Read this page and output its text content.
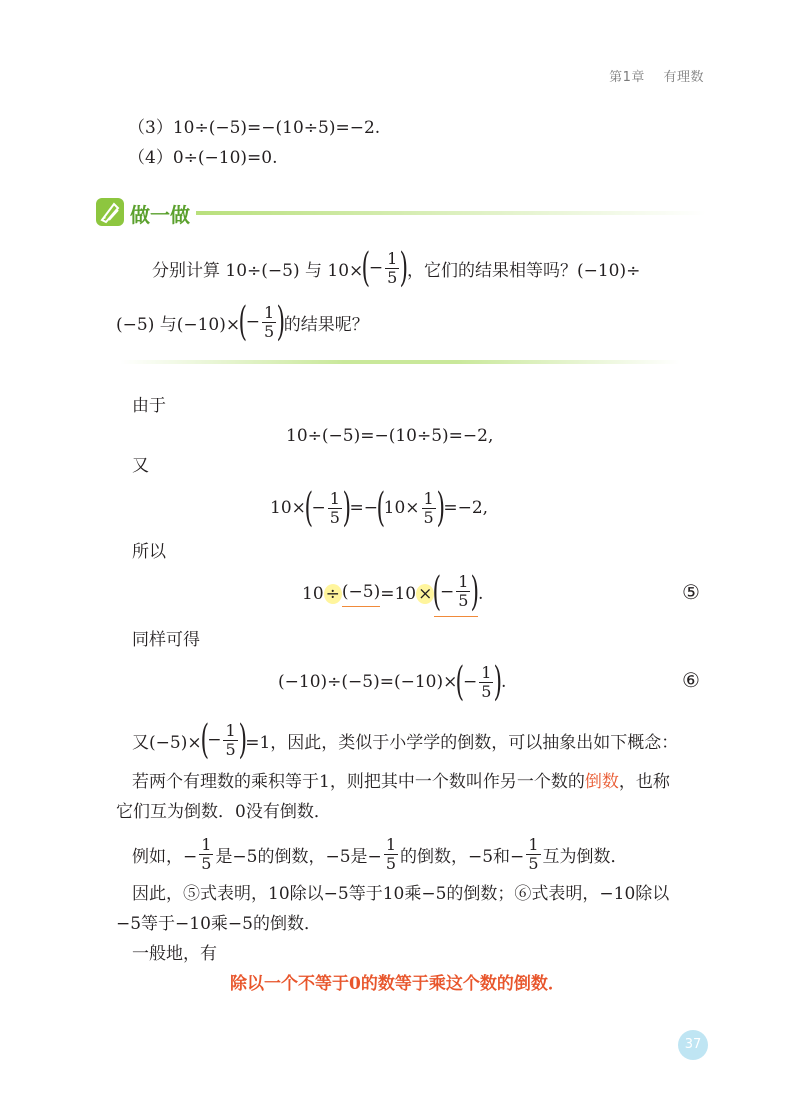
第1章 有理数
（3）10÷(−5)=−(10÷5)=−2.
（4）0÷(−10)=0.
做一做
分别计算 10÷(−5) 与 10×
(
− $\frac{1}{5}$ )
，它们的结果相等吗？(−10)÷
(−5) 与(−10)×
(
− $\frac{1}{5}$ )
的结果呢？
由于
10÷(−5)=−(10÷5)=−2,
又
10×
(
− $\frac{1}{5}$ )
=−
(
$10\times \frac{1}{5}$ )
=−2,
所以
10 ÷ (−5) =10 × (
− $\frac{1}{5}$ )
.	⑤
同样可得
(−10)÷(−5)=(−10)×
(
− $\frac{1}{5}$ )
.	⑥
又(−5)×
(
− $\frac{1}{5}$ )
=1，因此，类似于小学学的倒数，可以抽象出如下概念：
若两个有理数的乘积等于1，则把其中一个数叫作另一个数的倒数，也称
它们互为倒数．0没有倒数．
例如，− $\frac{1}{5}$ 是−5的倒数，−5是− $\frac{1}{5}$ 的倒数，−5和− $\frac{1}{5}$ 互为倒数．
因此，⑤式表明，10除以−5等于10乘−5的倒数；⑥式表明，−10除以
−5等于−10乘−5的倒数．
一般地，有
除以一个不等于0的数等于乘这个数的倒数．
37
